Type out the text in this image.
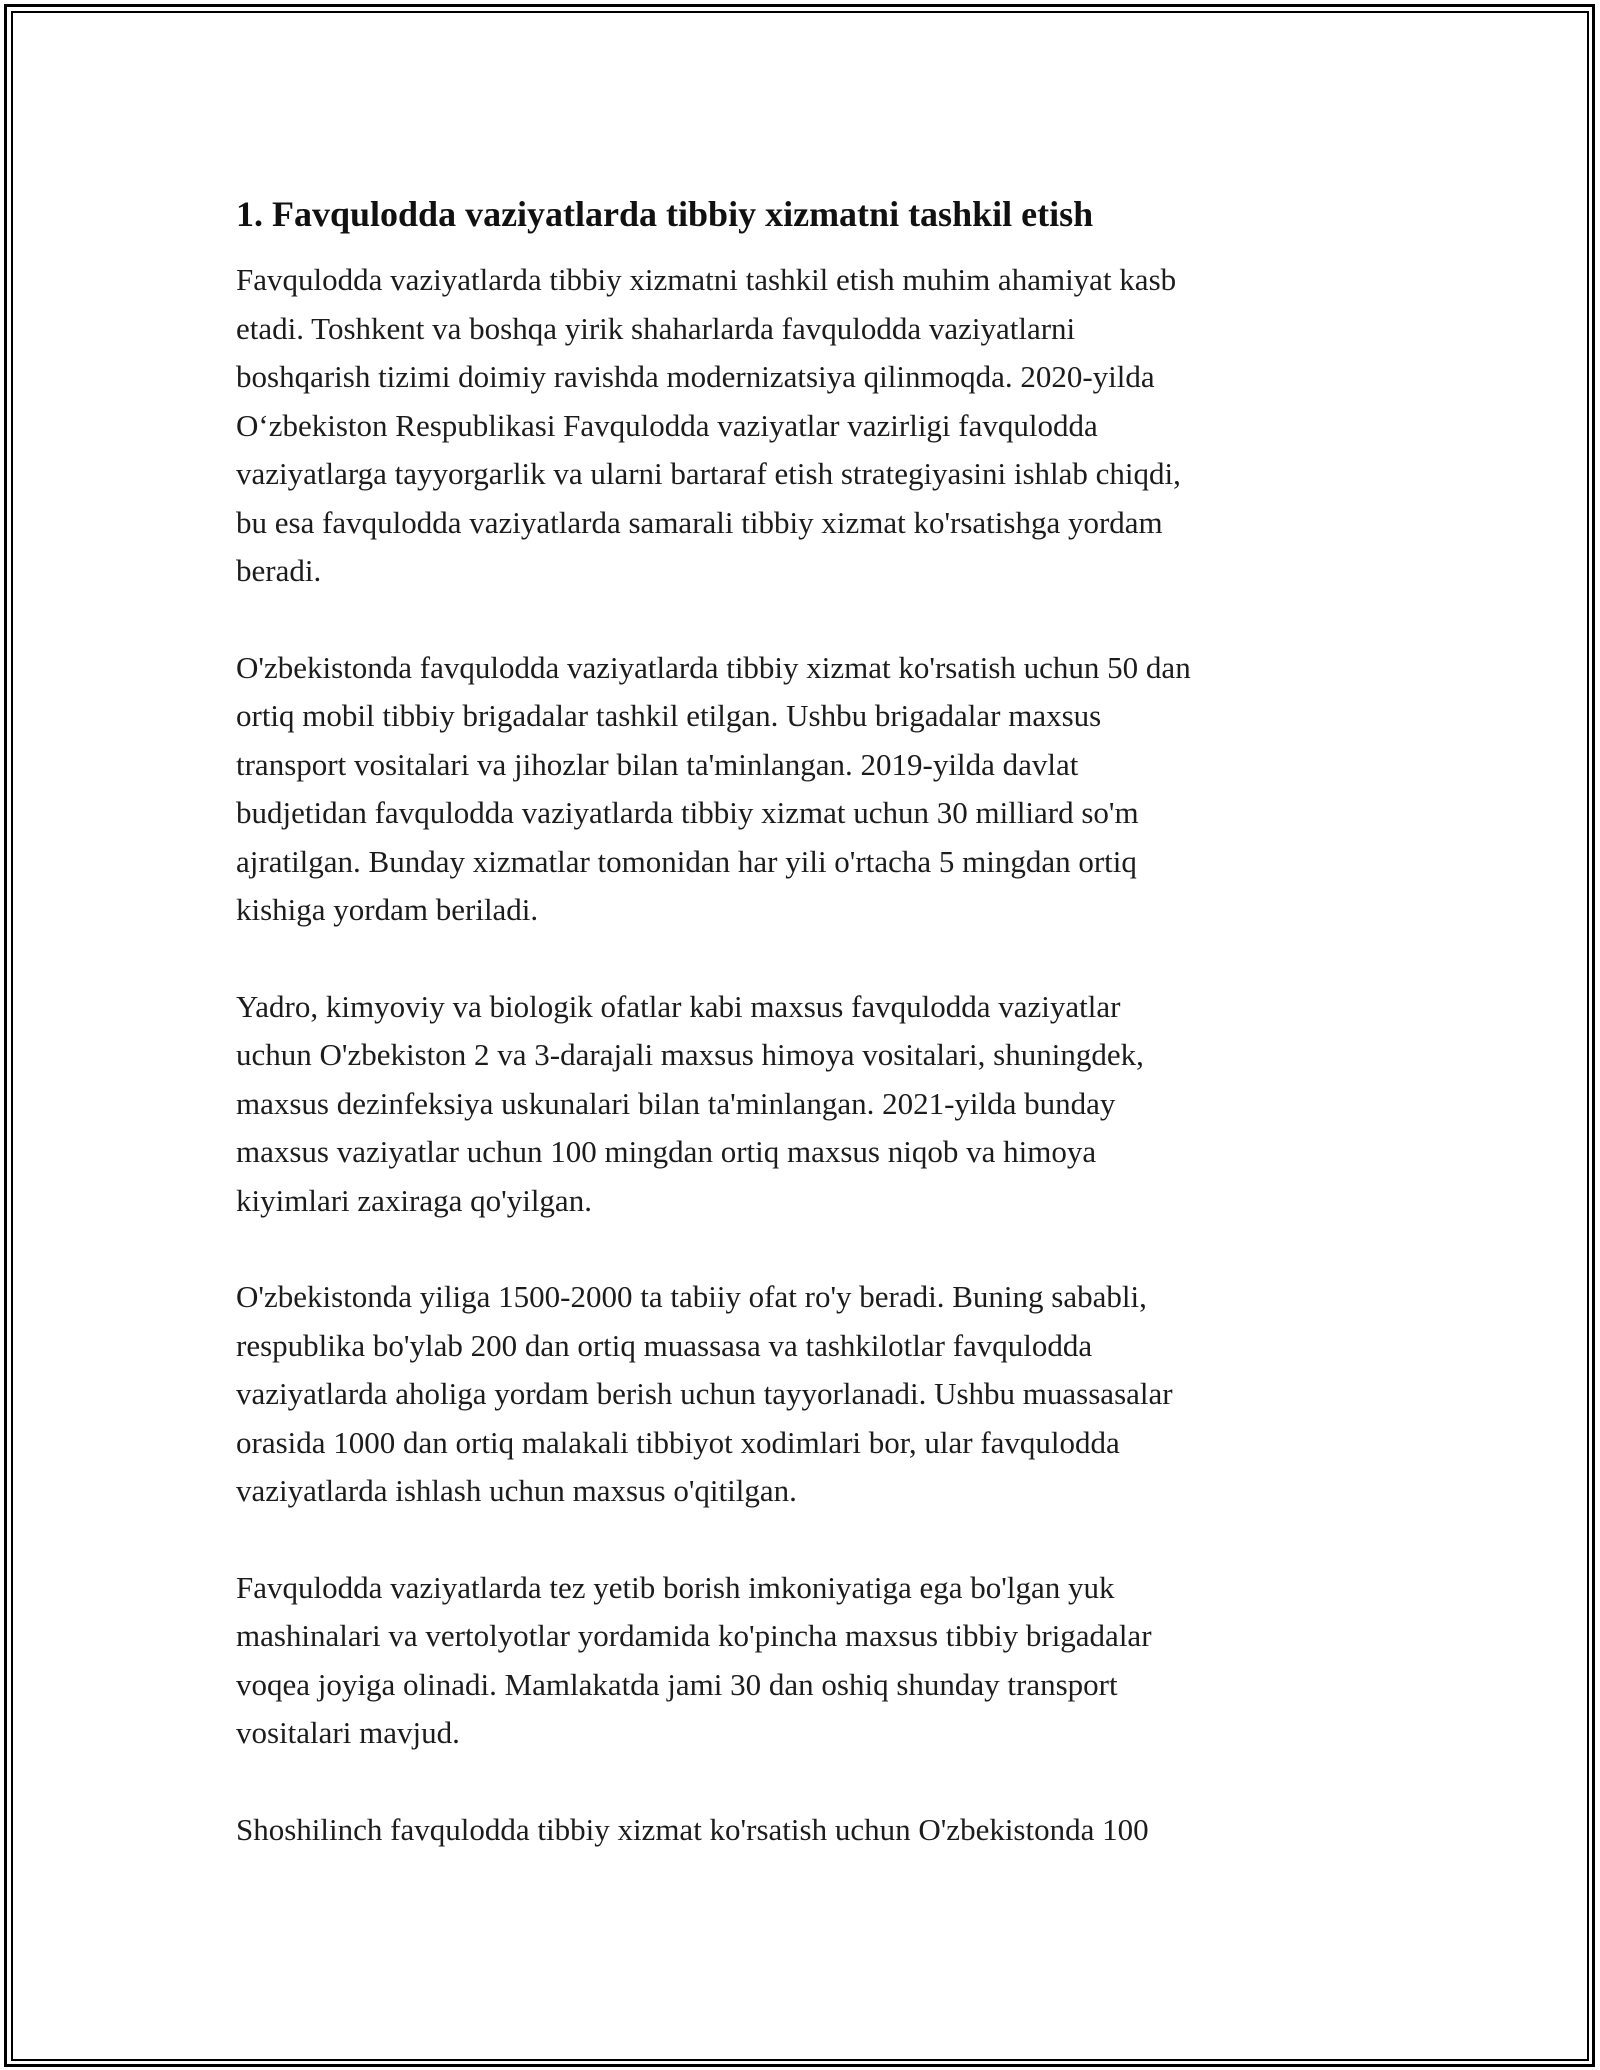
1. Favqulodda vaziyatlarda tibbiy xizmatni tashkil etish

Favqulodda vaziyatlarda tibbiy xizmatni tashkil etish muhim ahamiyat kasb
etadi. Toshkent va boshqa yirik shaharlarda favqulodda vaziyatlarni
boshqarish tizimi doimiy ravishda modernizatsiya qilinmoqda. 2020-yilda
O‘zbekiston Respublikasi Favqulodda vaziyatlar vazirligi favqulodda
vaziyatlarga tayyorgarlik va ularni bartaraf etish strategiyasini ishlab chiqdi,
bu esa favqulodda vaziyatlarda samarali tibbiy xizmat ko'rsatishga yordam
beradi.

O'zbekistonda favqulodda vaziyatlarda tibbiy xizmat ko'rsatish uchun 50 dan
ortiq mobil tibbiy brigadalar tashkil etilgan. Ushbu brigadalar maxsus
transport vositalari va jihozlar bilan ta'minlangan. 2019-yilda davlat
budjetidan favqulodda vaziyatlarda tibbiy xizmat uchun 30 milliard so'm
ajratilgan. Bunday xizmatlar tomonidan har yili o'rtacha 5 mingdan ortiq
kishiga yordam beriladi.

Yadro, kimyoviy va biologik ofatlar kabi maxsus favqulodda vaziyatlar
uchun O'zbekiston 2 va 3-darajali maxsus himoya vositalari, shuningdek,
maxsus dezinfeksiya uskunalari bilan ta'minlangan. 2021-yilda bunday
maxsus vaziyatlar uchun 100 mingdan ortiq maxsus niqob va himoya
kiyimlari zaxiraga qo'yilgan.

O'zbekistonda yiliga 1500-2000 ta tabiiy ofat ro'y beradi. Buning sababli,
respublika bo'ylab 200 dan ortiq muassasa va tashkilotlar favqulodda
vaziyatlarda aholiga yordam berish uchun tayyorlanadi. Ushbu muassasalar
orasida 1000 dan ortiq malakali tibbiyot xodimlari bor, ular favqulodda
vaziyatlarda ishlash uchun maxsus o'qitilgan.

Favqulodda vaziyatlarda tez yetib borish imkoniyatiga ega bo'lgan yuk
mashinalari va vertolyotlar yordamida ko'pincha maxsus tibbiy brigadalar
voqea joyiga olinadi. Mamlakatda jami 30 dan oshiq shunday transport
vositalari mavjud.

Shoshilinch favqulodda tibbiy xizmat ko'rsatish uchun O'zbekistonda 100
